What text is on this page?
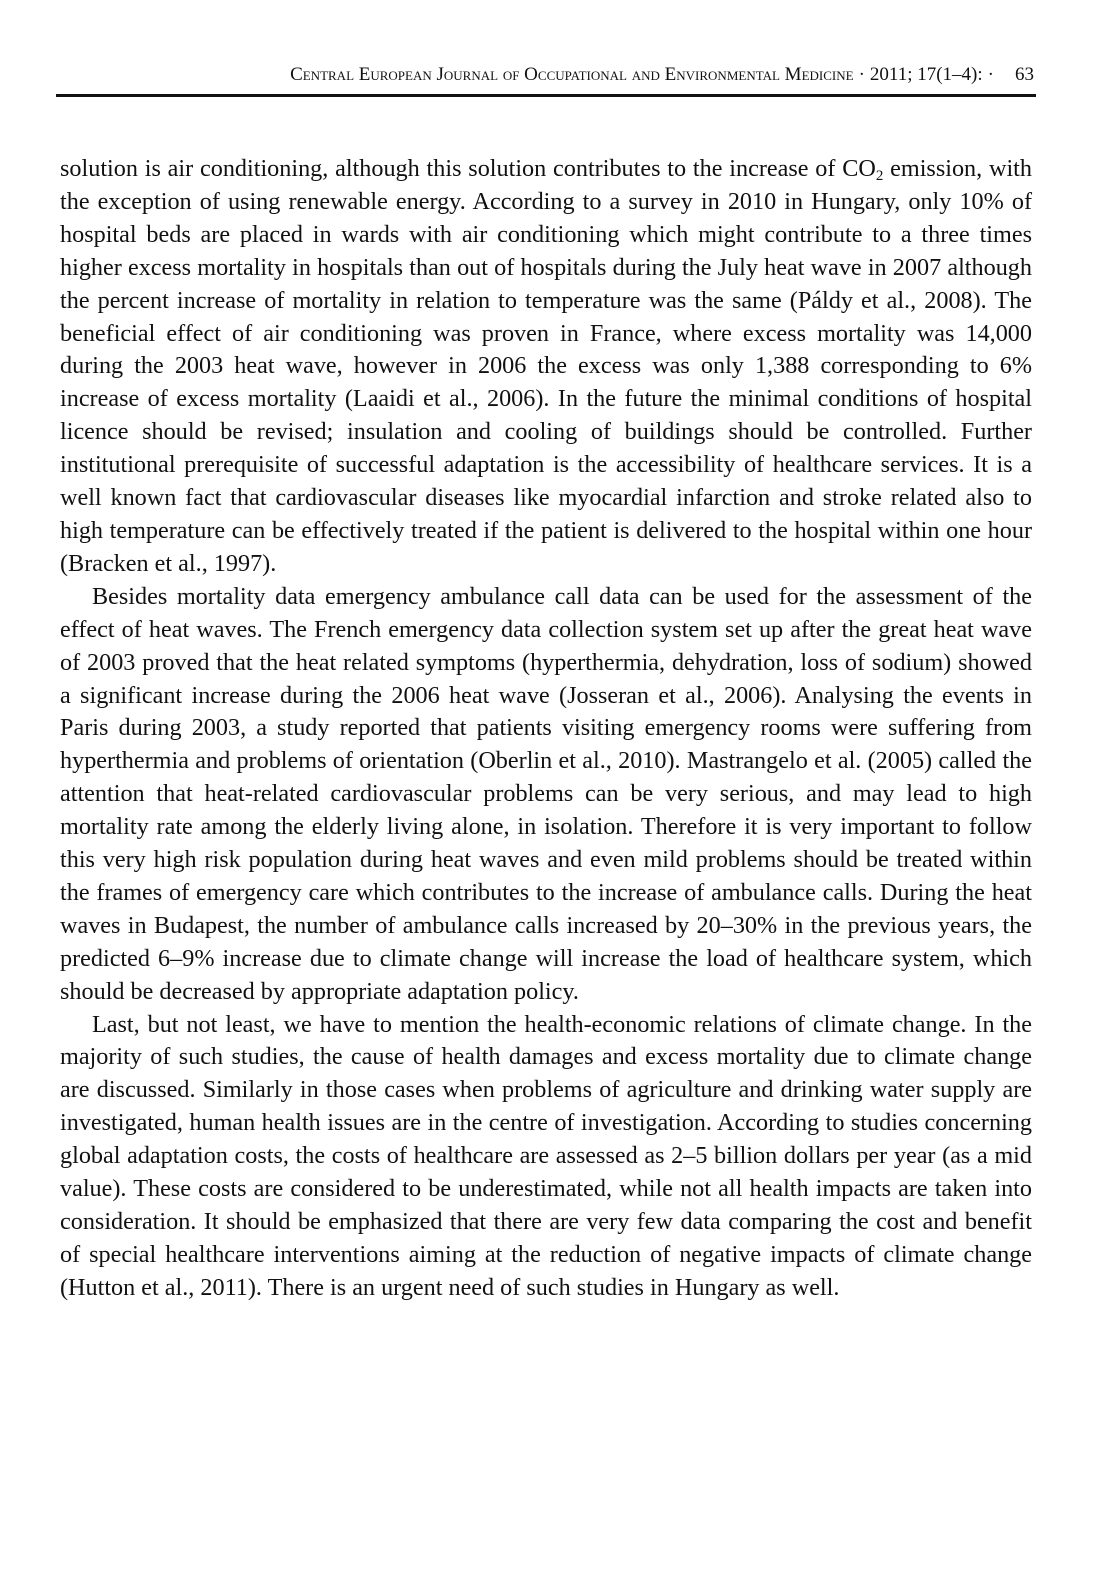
Central European Journal of Occupational and Environmental Medicine · 2011; 17(1–4): · 63

solution is air conditioning, although this solution contributes to the increase of $CO_2$ emission, with the exception of using renewable energy. According to a survey in 2010 in Hungary, only 10% of hospital beds are placed in wards with air conditioning which might contribute to a three times higher excess mortality in hospitals than out of hospitals during the July heat wave in 2007 although the percent increase of mortality in relation to temperature was the same (Páldy et al., 2008). The beneficial effect of air conditioning was proven in France, where excess mortality was 14,000 during the 2003 heat wave, however in 2006 the excess was only 1,388 corresponding to 6% increase of excess mortality (Laaidi et al., 2006). In the future the minimal conditions of hospital licence should be revised; insulation and cooling of buildings should be controlled. Further institutional prerequisite of successful adaptation is the accessibility of healthcare services. It is a well known fact that cardiovascular diseases like myocardial infarction and stroke related also to high temperature can be effectively treated if the patient is delivered to the hospital within one hour (Bracken et al., 1997).

Besides mortality data emergency ambulance call data can be used for the assessment of the effect of heat waves. The French emergency data collection system set up after the great heat wave of 2003 proved that the heat related symptoms (hyperthermia, dehydration, loss of sodium) showed a significant increase during the 2006 heat wave (Josseran et al., 2006). Analysing the events in Paris during 2003, a study reported that patients visiting emergency rooms were suffering from hyperthermia and problems of orientation (Oberlin et al., 2010). Mastrangelo et al. (2005) called the attention that heat-related cardiovascular problems can be very serious, and may lead to high mortality rate among the elderly living alone, in isolation. Therefore it is very important to follow this very high risk population during heat waves and even mild problems should be treated within the frames of emergency care which contributes to the increase of ambulance calls. During the heat waves in Budapest, the number of ambulance calls increased by 20–30% in the previous years, the predicted 6–9% increase due to climate change will increase the load of healthcare system, which should be decreased by appropriate adaptation policy.

Last, but not least, we have to mention the health-economic relations of climate change. In the majority of such studies, the cause of health damages and excess mortality due to climate change are discussed. Similarly in those cases when problems of agriculture and drinking water supply are investigated, human health issues are in the centre of investigation. According to studies concerning global adaptation costs, the costs of healthcare are assessed as 2–5 billion dollars per year (as a mid value). These costs are considered to be underestimated, while not all health impacts are taken into consideration. It should be emphasized that there are very few data comparing the cost and benefit of special healthcare interventions aiming at the reduction of negative impacts of climate change (Hutton et al., 2011). There is an urgent need of such studies in Hungary as well.
